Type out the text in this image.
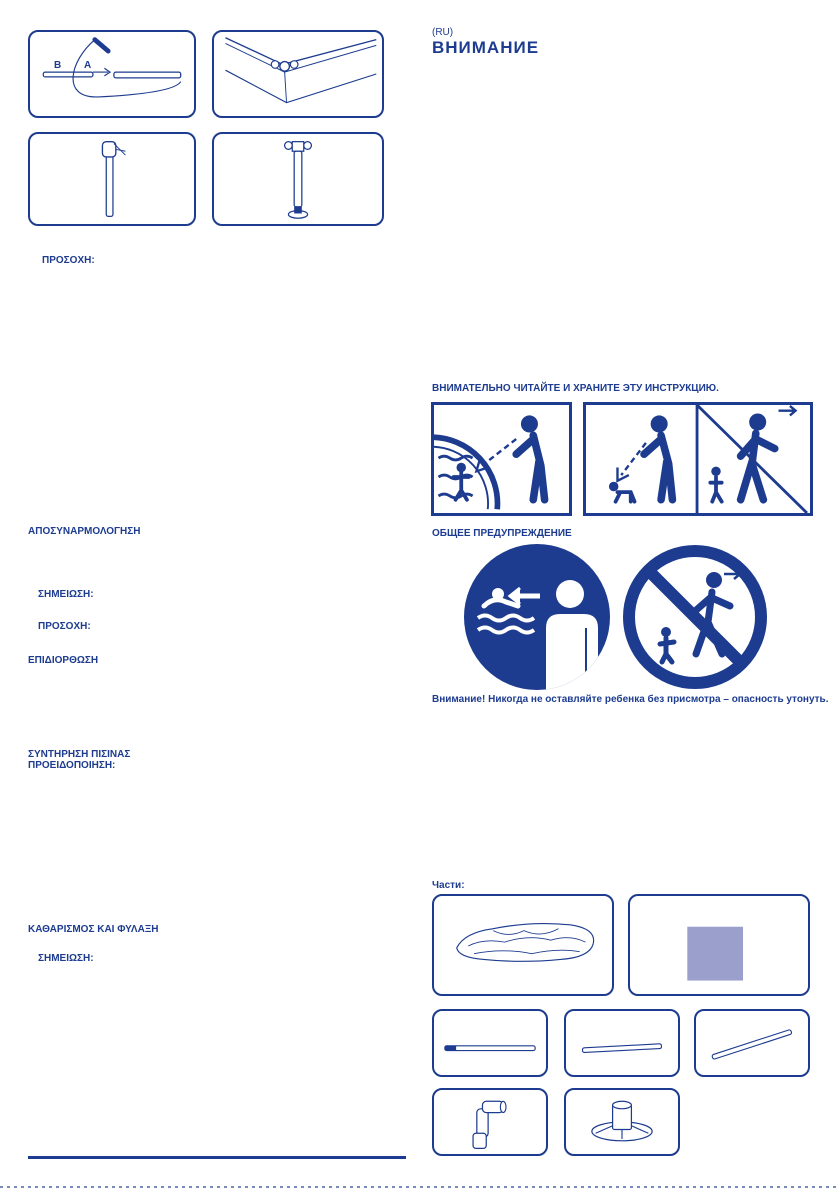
B A
ΠΡΟΣΟΧΗ:
ΑΠΟΣΥΝΑΡΜΟΛΟΓΗΣΗ
ΣΗΜΕΙΩΣΗ:
ΠΡΟΣΟΧΗ:
ΕΠΙΔΙΟΡΘΩΣΗ
ΣΥΝΤΗΡΗΣΗ ΠΙΣΙΝΑΣ
ΠΡΟΕΙΔΟΠΟΙΗΣΗ:
ΚΑΘΑΡΙΣΜΟΣ ΚΑΙ ΦΥΛΑΞΗ
ΣΗΜΕΙΩΣΗ:
(RU)
ВНИМАНИЕ
ВНИМАТЕЛЬНО ЧИТАЙТЕ И ХРАНИТЕ ЭТУ ИНСТРУКЦИЮ.
ОБЩЕЕ ПРЕДУПРЕЖДЕНИЕ
Внимание! Никогда не оставляйте ребенка без присмотра – опасность утонуть.
Части:
